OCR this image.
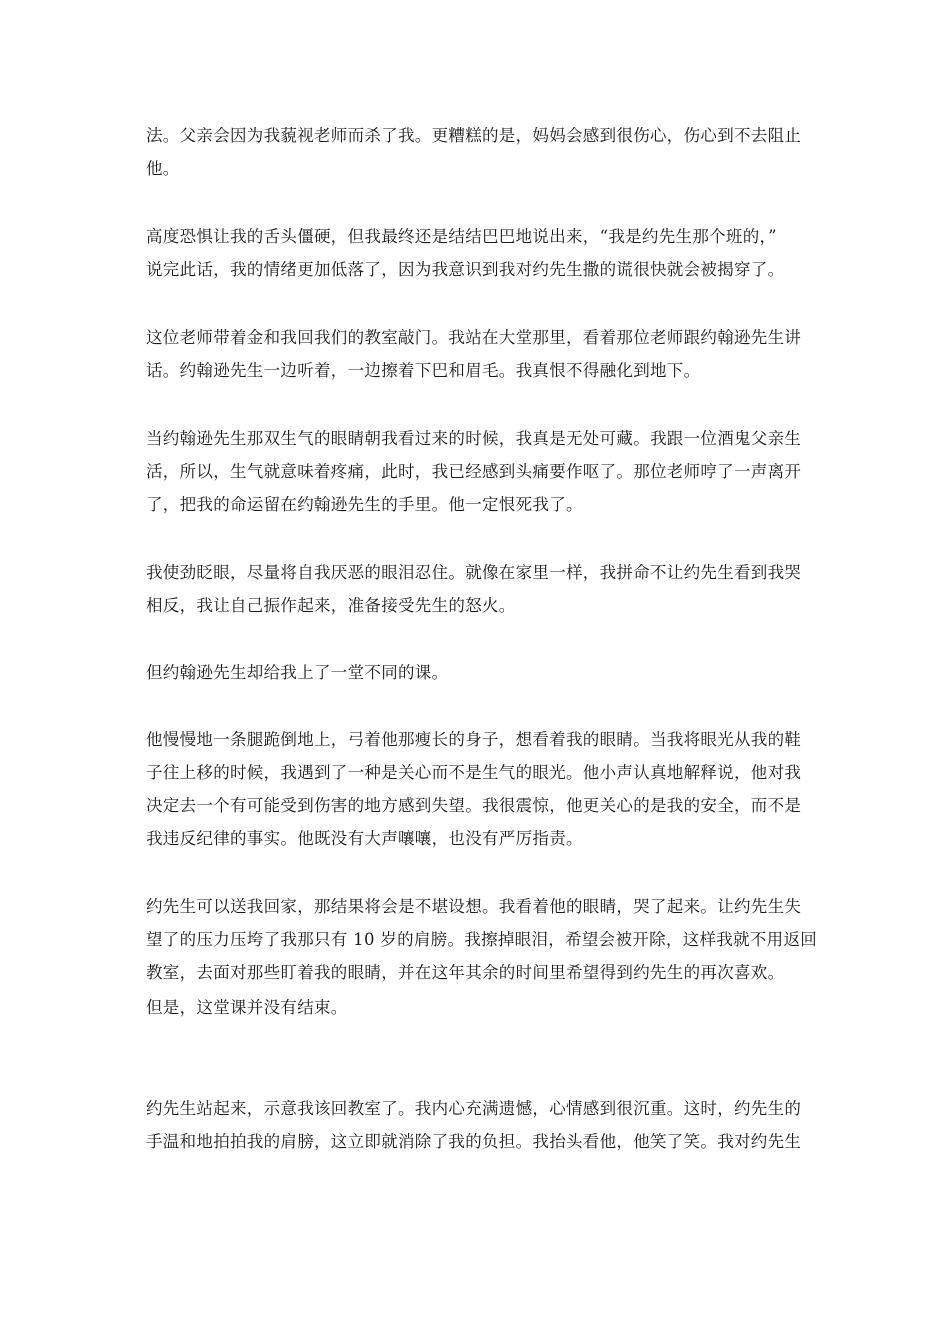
法。父亲会因为我藐视老师而杀了我。更糟糕的是，妈妈会感到很伤心，伤心到不去阻止
他。

高度恐惧让我的舌头僵硬，但我最终还是结结巴巴地说出来，“我是约先生那个班的，”
说完此话，我的情绪更加低落了，因为我意识到我对约先生撒的谎很快就会被揭穿了。

这位老师带着金和我回我们的教室敲门。我站在大堂那里，看着那位老师跟约翰逊先生讲
话。约翰逊先生一边听着，一边擦着下巴和眉毛。我真恨不得融化到地下。

当约翰逊先生那双生气的眼睛朝我看过来的时候，我真是无处可藏。我跟一位酒鬼父亲生
活，所以，生气就意味着疼痛，此时，我已经感到头痛要作呕了。那位老师哼了一声离开
了，把我的命运留在约翰逊先生的手里。他一定恨死我了。

我使劲眨眼，尽量将自我厌恶的眼泪忍住。就像在家里一样，我拼命不让约先生看到我哭
相反，我让自己振作起来，准备接受先生的怒火。

但约翰逊先生却给我上了一堂不同的课。

他慢慢地一条腿跪倒地上，弓着他那瘦长的身子，想看着我的眼睛。当我将眼光从我的鞋
子往上移的时候，我遇到了一种是关心而不是生气的眼光。他小声认真地解释说，他对我
决定去一个有可能受到伤害的地方感到失望。我很震惊，他更关心的是我的安全，而不是
我违反纪律的事实。他既没有大声嚷嚷，也没有严厉指责。

约先生可以送我回家，那结果将会是不堪设想。我看着他的眼睛，哭了起来。让约先生失
望了的压力压垮了我那只有 10 岁的肩膀。我擦掉眼泪，希望会被开除，这样我就不用返回
教室，去面对那些盯着我的眼睛，并在这年其余的时间里希望得到约先生的再次喜欢。

但是，这堂课并没有结束。

约先生站起来，示意我该回教室了。我内心充满遗憾，心情感到很沉重。这时，约先生的
手温和地拍拍我的肩膀，这立即就消除了我的负担。我抬头看他，他笑了笑。我对约先生
